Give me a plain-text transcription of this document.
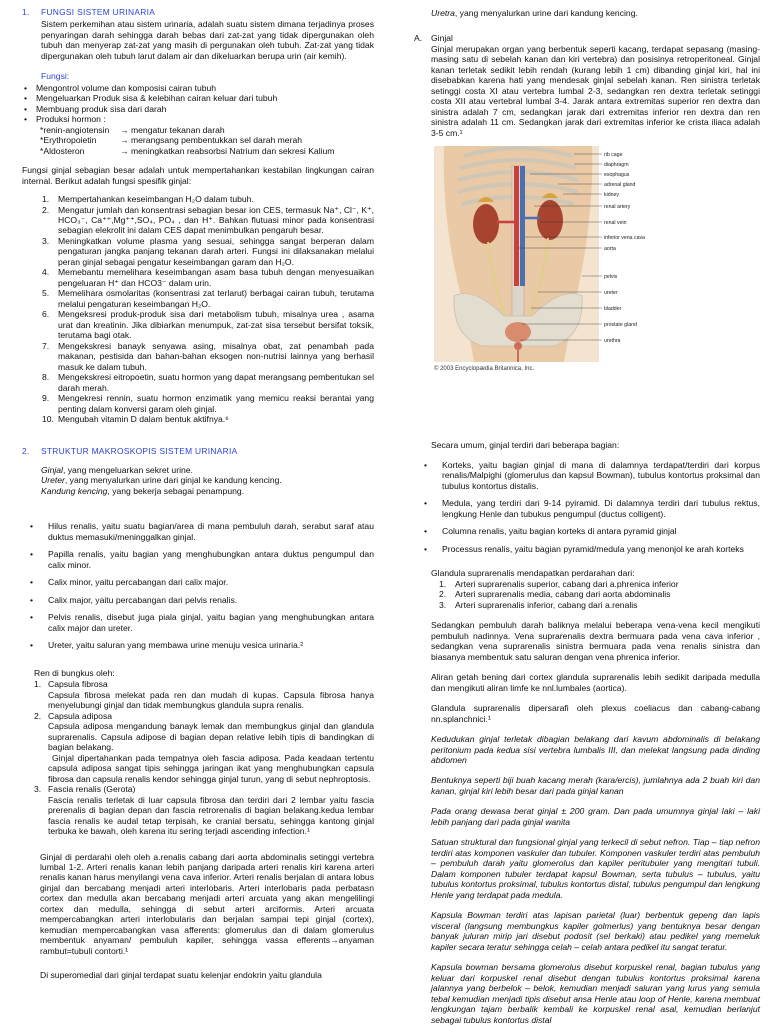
1. FUNGSI SISTEM URINARIA

Sistem perkemihan atau sistem urinaria, adalah suatu sistem dimana terjadinya proses penyaringan darah sehingga darah bebas dari zat-zat yang tidak dipergunakan oleh tubuh dan menyerap zat-zat yang masih di pergunakan oleh tubuh. Zat-zat yang tidak dipergunakan oleh tubuh larut dalam air dan dikeluarkan berupa urin (air kemih).

Fungsi:
• Mengontrol volume dan komposisi cairan tubuh
• Mengeluarkan Produk sisa & kelebihan cairan keluar dari tubuh
• Membuang produk sisa dari darah
• Produksi hormon :
*renin-angiotensin → mengatur tekanan darah
*Erythropoietin	→ merangsang pembentukkan sel darah merah
*Aldosteron	→ meningkatkan reabsorbsi Natrium dan sekresi Kalium

Fungsi ginjal sebagian besar adalah untuk mempertahankan kestabilan lingkungan cairan internal. Berikut adalah fungsi spesifik ginjal:

1. Mempertahankan keseimbangan H₂O dalam tubuh.
2. Mengatur jumlah dan konsentrasi sebagian besar ion CES, termasuk Na⁺, Cl⁻, K⁺, HCO₃⁻, Ca⁺⁺,Mg⁺⁺,SO₄, PO₄ , dan H⁺. Bahkan flutuasi minor pada konsentrasi sebagian elekrolit ini dalam CES dapat menimbulkan pengaruh besar.
3. Meningkatkan volume plasma yang sesuai, sehingga sangat berperan dalam pengaturan jangka panjang tekanan darah arteri. Fungsi ini dilaksanakan melalui peran ginjal sebagai pengatur keseimbangan garam dan H₂O.
4. Memebantu memelihara keseimbangan asam basa tubuh dengan menyesuaikan pengeluaran H⁺ dan HCO3⁻ dalam urin.
5. Memelihara osmolaritas (konsentrasi zat terlarut) berbagai cairan tubuh, terutama melalui pengaturan keseimbangan H₂O.
6. Mengeksresi produk-produk sisa dari metabolism tubuh, misalnya urea , asama urat dan kreatinin. Jika dibiarkan menumpuk, zat-zat sisa tersebut bersifat toksik, terutama bagi otak.
7. Mengekskresi banayk senyawa asing, misalnya obat, zat penambah pada makanan, pestisida dan bahan-bahan eksogen non-nutrisi lainnya yang berhasil masuk ke dalam tubuh.
8. Mengekskresi eitropoetin, suatu hormon yang dapat merangsang pembentukan sel darah merah.
9. Mengekresi rennin, suatu hormon enzimatik yang memicu reaksi berantai yang penting dalam konversi garam oleh ginjal.
10. Mengubah vitamin D dalam bentuk aktifnya.⁶
2. STRUKTUR MAKROSKOPIS SISTEM URINARIA
Ginjal, yang mengeluarkan sekret urine.
Ureter, yang menyalurkan urine dari ginjal ke kandung kencing.
Kandung kencing, yang bekerja sebagai penampung.
• Hilus renalis, yaitu suatu bagian/area di mana pembuluh darah, serabut saraf atau duktus memasuki/meninggalkan ginjal.
• Papilla renalis, yaitu bagian yang menghubungkan antara duktus pengumpul dan calix minor.
• Calix minor, yaitu percabangan dari calix major.
• Calix major, yaitu percabangan dari pelvis renalis.
• Pelvis renalis, disebut juga piala ginjal, yaitu bagian yang menghubungkan antara calix major dan ureter.
• Ureter, yaitu saluran yang membawa urine menuju vesica urinaria.²

Ren di bungkus oleh:

1. Capsula fibrosa
Capsula fibrosa melekat pada ren dan mudah di kupas. Capsula fibrosa hanya menyelubungi ginjal dan tidak membungkus glandula supra renalis.
2. Capsula adiposa
Capsula adiposa mengandung banayk lemak dan membungkus ginjal dan glandula suprarenalis. Capsula adipose di bagian depan relative lebih tipis di bandingkan di bagian belakang.
Ginjal dipertahankan pada tempatnya oleh fascia adiposa. Pada keadaan tertentu capsula adiposa sangat tipis sehingga jaringan ikat yang menghubungkan capsula fibrosa dan capsula renalis kendor sehingga ginjal turun, yang di sebut nephroptosis.
3. Fascia renalis (Gerota)
Fascia renalis terletak di luar capsula fibrosa dan terdiri dari 2 lembar yaitu fascia prerenalis di bagian depan dan fascia retrorenalis di bagian belakang.kedua lembar fascia renalis ke audal tetap terpisah, ke cranial bersatu, sehingga kantong ginjal terbuka ke bawah, oleh karena itu sering terjadi ascending infection.¹

Ginjal di perdarahi oleh oleh a.renalis cabang dari aorta abdominalis setinggi vertebra lumbal 1-2. Arteri renalis kanan lebih panjang daripada arteri renalis kiri karena arteri renalis kanan harus menyilangi vena cava inferior. Arteri renalis berjalan di antara lobus ginjal dan bercabang menjadi arteri interlobaris. Arteri interlobaris pada perbatasn cortex dan medulla akan bercabang menjadi arteri arcuata yang akan mengelilingi cortex dan medulla, sehingga di sebut arteri arciformis. Arteri arcuata mempercabangkan arteri interlobularis dan berjalan sampai tepi ginjal (cortex), kemudian mempercabangkan vasa afferents: glomerulus dan di dalam glomerulus membentuk anyaman/ pembuluh kapiler, sehingga vassa efferents→anyaman rambut=tubuli contorti.¹

Di superomedial dari ginjal terdapat suatu kelenjar endokrin yaitu glandula

Uretra, yang menyalurkan urine dari kandung kencing.
A. Ginjal

Ginjal merupakan organ yang berbentuk seperti kacang, terdapat sepasang (masing-masing satu di sebelah kanan dan kiri vertebra) dan posisinya retroperitoneal. Ginjal kanan terletak sedikit lebih rendah (kurang lebih 1 cm) dibanding ginjal kiri, hal ini disebabkan karena hati yang mendesak ginjal sebelah kanan. Ren sinistra terletak setinggi costa XI atau vertebra lumbal 2-3, sedangkan ren dextra terletak setinggi costa XII atau vertebral lumbal 3-4. Jarak antara extremitas superior ren dextra dan sinistra adalah 7 cm, sedangkan jarak dari extremitas inferior ren dextra dan ren sinistra adalah 11 cm. Sedangkan jarak dari extremitas inferior ke crista iliaca adalah 3-5 cm.¹

rib cage
diaphragm
esophagus
adrenal gland
kidney
renal artery
renal vein
inferior vena cava
aorta
pelvis
ureter
bladder
prostate gland
urethra
© 2003 Encyclopædia Britannica, Inc.

Secara umum, ginjal terdiri dari beberapa bagian:

• Korteks, yaitu bagian ginjal di mana di dalamnya terdapat/terdiri dari korpus renalis/Malpighi (glomerulus dan kapsul Bowman), tubulus kontortus proksimal dan tubulus kontortus distalis.
• Medula, yang terdiri dari 9-14 pyiramid. Di dalamnya terdiri dari tubulus rektus, lengkung Henle dan tubukus pengumpul (ductus colligent).
• Columna renalis, yaitu bagian korteks di antara pyramid ginjal
• Processus renalis, yaitu bagian pyramid/medula yang menonjol ke arah korteks

Glandula suprarenalis mendapatkan perdarahan dari:

1. Arteri suprarenalis superior, cabang dari a.phrenica inferior
2. Arteri suprarenalis media, cabang dari aorta abdominalis
3. Arteri suprarenalis inferior, cabang dari a.renalis

Sedangkan pembuluh darah baliknya melalui beberapa vena-vena kecil mengikuti pembuluh nadinnya. Vena suprarenalis dextra bermuara pada vena cava inferior , sedangkan vena suprarenalis sinistra bermuara pada vena renalis sinistra dan biasanya membentuk satu saluran dengan vena phrenica inferior.

Aliran getah bening dari cortex glandula suprarenalis lebih sedikit daripada medulla dan mengikuti aliran limfe ke nnl.lumbales (aortica).

Glandula suprarenalis dipersarafi oleh plexus coeliacus dan cabang-cabang nn.splanchnici.¹

Kedudukan ginjal terletak dibagian belakang dari kavum abdominalis di belakang peritonium pada kedua sisi vertebra lumbalis III, dan melekat langsung pada dinding abdomen

Bentuknya seperti biji buah kacang merah (kara/ercis), jumlahnya ada 2 buah kiri dan kanan, ginjal kiri lebih besar dari pada ginjal kanan

Pada orang dewasa berat ginjal ± 200 gram. Dan pada umumnya ginjal laki – laki lebih panjang dari pada ginjal wanita

Satuan struktural dan fungsional ginjal yang terkecil di sebut nefron. Tiap – tiap nefron terdiri atas komponen vaskuler dan tubuler. Komponen vaskuler terdiri atas pembuluh – pembuluh darah yaitu glomerolus dan kapiler peritubuler yang mengitari tubuli. Dalam komponen tubuler terdapat kapsul Bowman, serta tubulus – tubulus, yaitu tubulus kontortus proksimal, tubulus kontortus distal, tubulus pengumpul dan lengkung Henle yang terdapat pada medula.

Kapsula Bowman terdiri atas lapisan parietal (luar) berbentuk gepeng dan lapis visceral (langsung membungkus kapiler golmerlus) yang bentuknya besar dengan banyak juluran mirip jari disebut podosit (sel berkaki) atau pedikel yang memeluk kapiler secara teratur sehingga celah – celah antara pedikel itu sangat teratur.

Kapsula bowman bersama glomerolus disebut korpuskel renal, bagian tubulus yang keluar dari korpuskel renal disebut dengan tubulus kontortus proksimal karena jalannya yang berbelok – belok, kemudian menjadi saluran yang lurus yang semula tebal kemudian menjadi tipis disebut ansa Henle atau loop of Henle, karena membuat lengkungan tajam berbalik kembali ke korpuskel renal asal, kemudian berlanjut sebagai tubulus kontortus distal
